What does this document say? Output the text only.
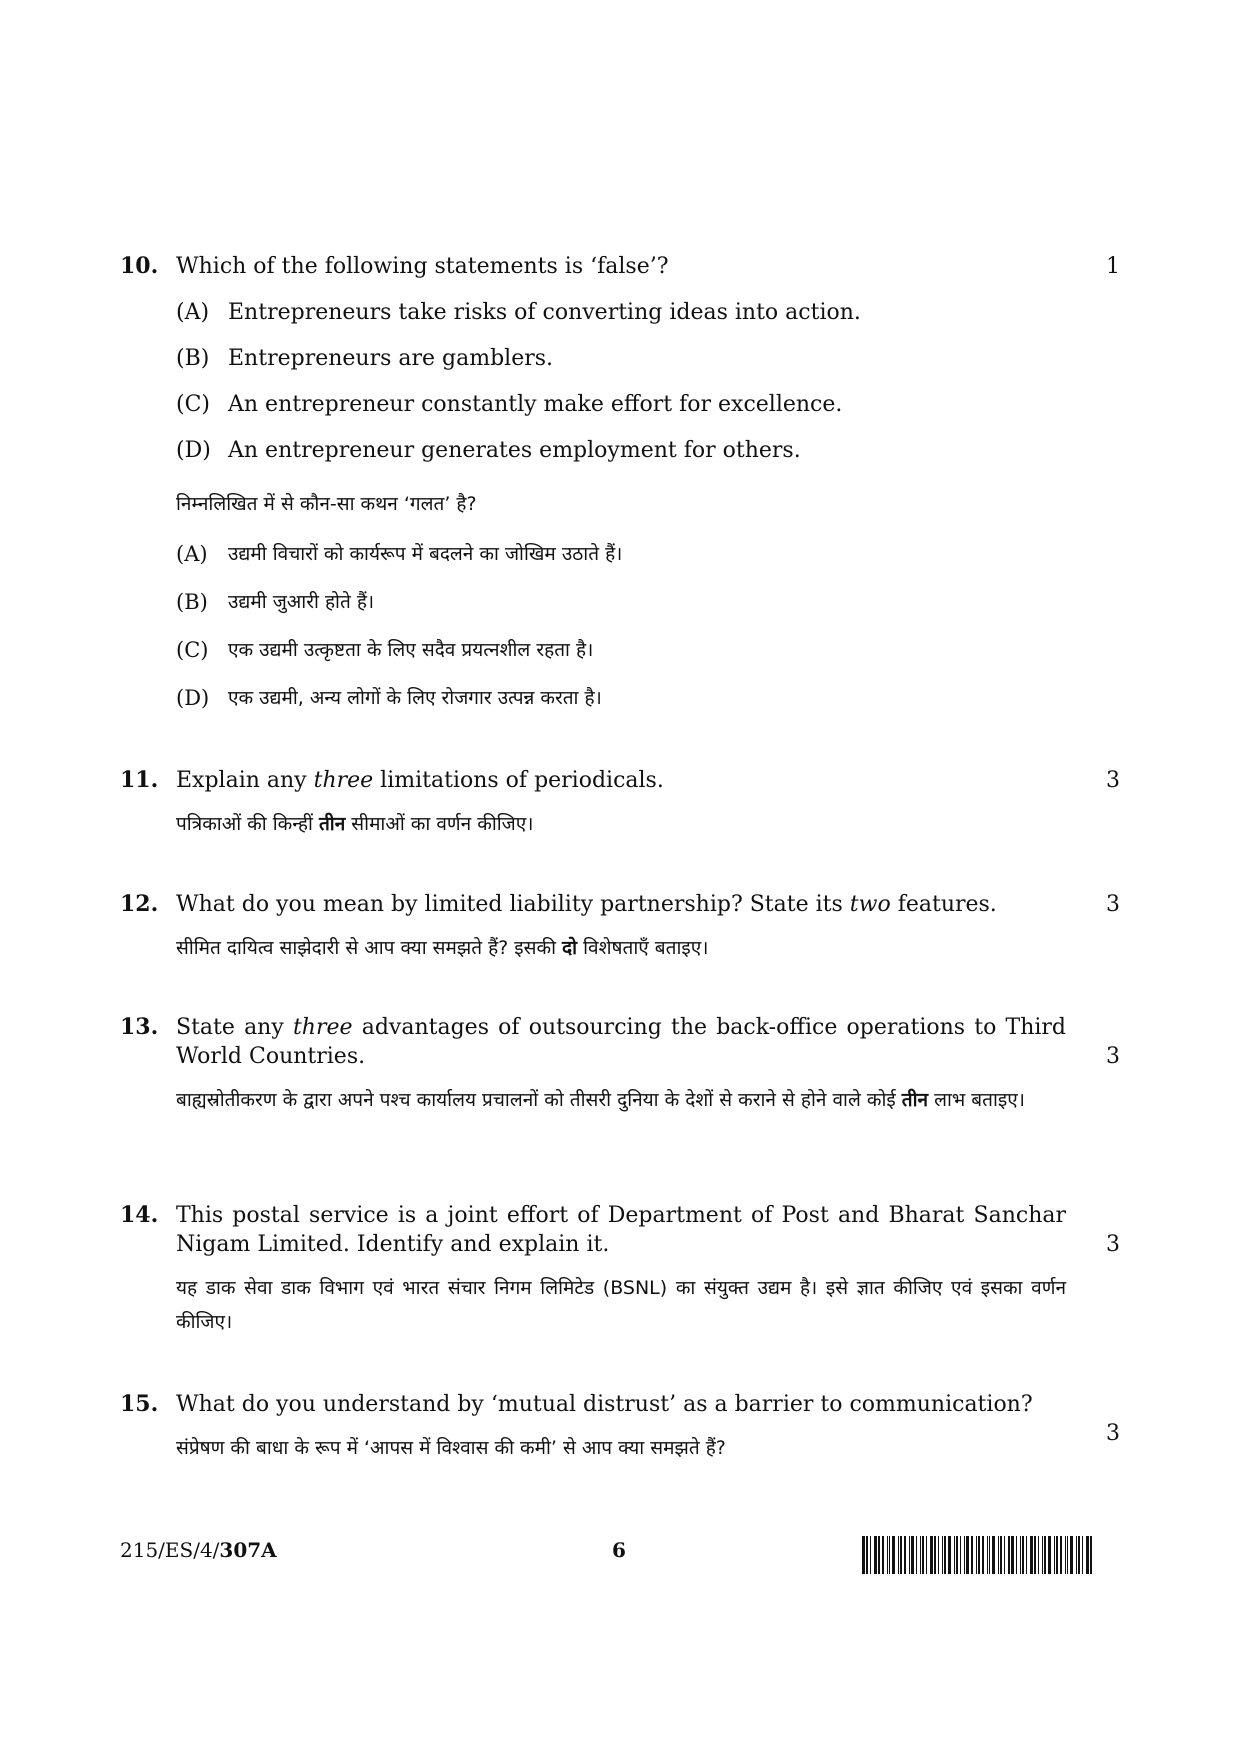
10. Which of the following statements is ‘false’?	1
(A) Entrepreneurs take risks of converting ideas into action.
(B) Entrepreneurs are gamblers.
(C) An entrepreneur constantly make effort for excellence.
(D) An entrepreneur generates employment for others.
निम्नलिखित में से कौन-सा कथन ‘गलत’ है?
(A)	उद्यमी विचारों को कार्यरूप में बदलने का जोखिम उठाते हैं।
(B)	उद्यमी जुआरी होते हैं।
(C)	एक उद्यमी उत्कृष्टता के लिए सदैव प्रयत्नशील रहता है।
(D) एक उद्यमी, अन्य लोगों के लिए रोजगार उत्पन्न करता है।
11. Explain any three limitations of periodicals.	3
पत्रिकाओं की किन्हीं तीन सीमाओं का वर्णन कीजिए।
12. What do you mean by limited liability partnership? State its two features.	3
सीमित दायित्व साझेदारी से आप क्या समझते हैं? इसकी दो विशेषताएँ बताइए।
13. State any three advantages of outsourcing the back-office operations to Third World Countries.	3
बाह्यस्रोतीकरण के द्वारा अपने पश्च कार्यालय प्रचालनों को तीसरी दुनिया के देशों से कराने से होने वाले कोई तीन लाभ बताइए।
14. This postal service is a joint effort of Department of Post and Bharat Sanchar Nigam Limited. Identify and explain it.	3
यह डाक सेवा डाक विभाग एवं भारत संचार निगम लिमिटेड (BSNL) का संयुक्त उद्यम है। इसे ज्ञात कीजिए एवं इसका वर्णन कीजिए।
15. What do you understand by ‘mutual distrust’ as a barrier to communication?
3
संप्रेषण की बाधा के रूप में ‘आपस में विश्वास की कमी’ से आप क्या समझते हैं?
215/ES/4/307A	6
